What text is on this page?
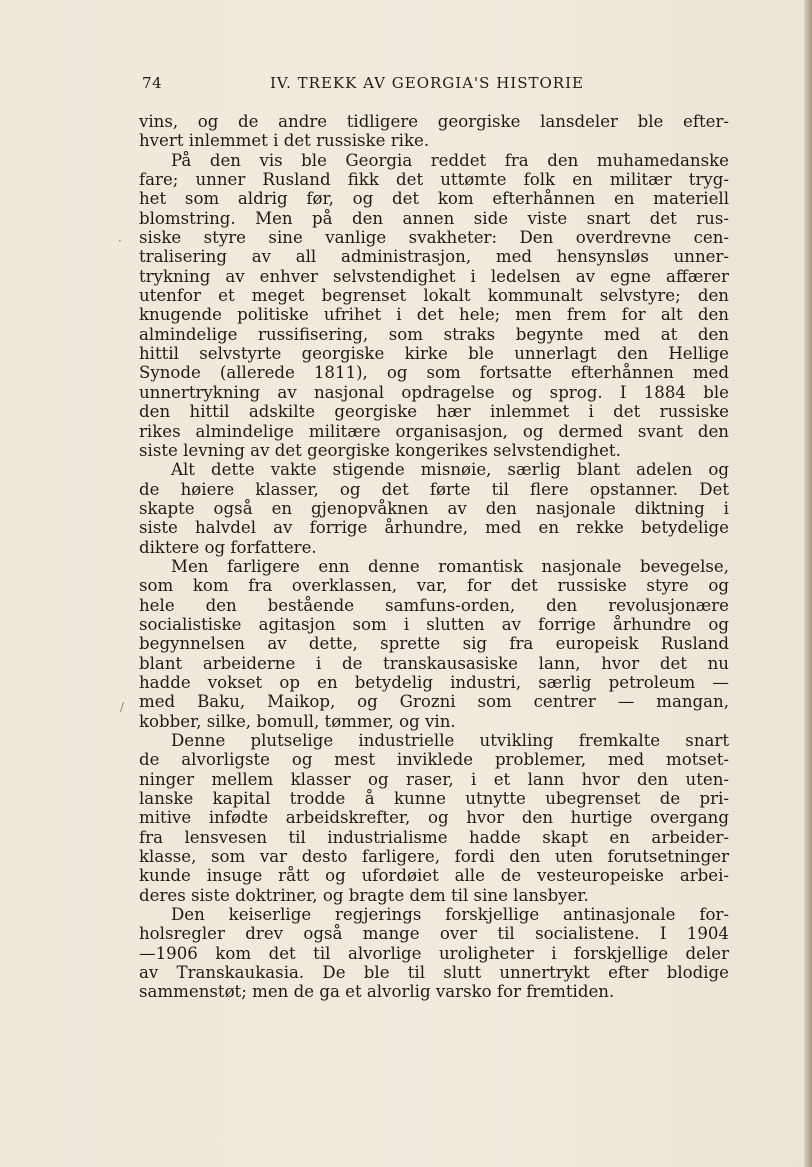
74	IV. TREKK AV GEORGIA'S HISTORIE

vins, og de andre tidligere georgiske lansdeler ble efter-
hvert inlemmet i det russiske rike.

På den vis ble Georgia reddet fra den muhamedanske
fare; unner Rusland fikk det uttømte folk en militær tryg-
het som aldrig før, og det kom efterhånnen en materiell
blomstring. Men på den annen side viste snart det rus-
siske styre sine vanlige svakheter: Den overdrevne cen-
tralisering av all administrasjon, med hensynsløs unner-
trykning av enhver selvstendighet i ledelsen av egne affærer
utenfor et meget begrenset lokalt kommunalt selvstyre; den
knugende politiske ufrihet i det hele; men frem for alt den
almindelige russifisering, som straks begynte med at den
hittil selvstyrte georgiske kirke ble unnerlagt den Hellige
Synode (allerede 1811), og som fortsatte efterhånnen med
unnertrykning av nasjonal opdragelse og sprog. I 1884 ble
den hittil adskilte georgiske hær inlemmet i det russiske
rikes almindelige militære organisasjon, og dermed svant den
siste levning av det georgiske kongerikes selvstendighet.

Alt dette vakte stigende misnøie, særlig blant adelen og
de høiere klasser, og det førte til flere opstanner. Det
skapte også en gjenopvåknen av den nasjonale diktning i
siste halvdel av forrige århundre, med en rekke betydelige
diktere og forfattere.

Men farligere enn denne romantisk nasjonale bevegelse,
som kom fra overklassen, var, for det russiske styre og
hele den bestående samfuns-orden, den revolusjonære
socialistiske agitasjon som i slutten av forrige århundre og
begynnelsen av dette, sprette sig fra europeisk Rusland
blant arbeiderne i de transkausasiske lann, hvor det nu
hadde vokset op en betydelig industri, særlig petroleum —
med Baku, Maikop, og Grozni som centrer — mangan,
kobber, silke, bomull, tømmer, og vin.

Denne plutselige industrielle utvikling fremkalte snart
de alvorligste og mest inviklede problemer, med motset-
ninger mellem klasser og raser, i et lann hvor den uten-
lanske kapital trodde å kunne utnytte ubegrenset de pri-
mitive infødte arbeidskrefter, og hvor den hurtige overgang
fra lensvesen til industrialisme hadde skapt en arbeider-
klasse, som var desto farligere, fordi den uten forutsetninger
kunde insuge rått og ufordøiet alle de vesteuropeiske arbei-
deres siste doktriner, og bragte dem til sine lansbyer.

Den keiserlige regjerings forskjellige antinasjonale for-
holsregler drev også mange over til socialistene. I 1904
—1906 kom det til alvorlige uroligheter i forskjellige deler
av Transkaukasia. De ble til slutt unnertrykt efter blodige
sammenstøt; men de ga et alvorlig varsko for fremtiden.

·
/
